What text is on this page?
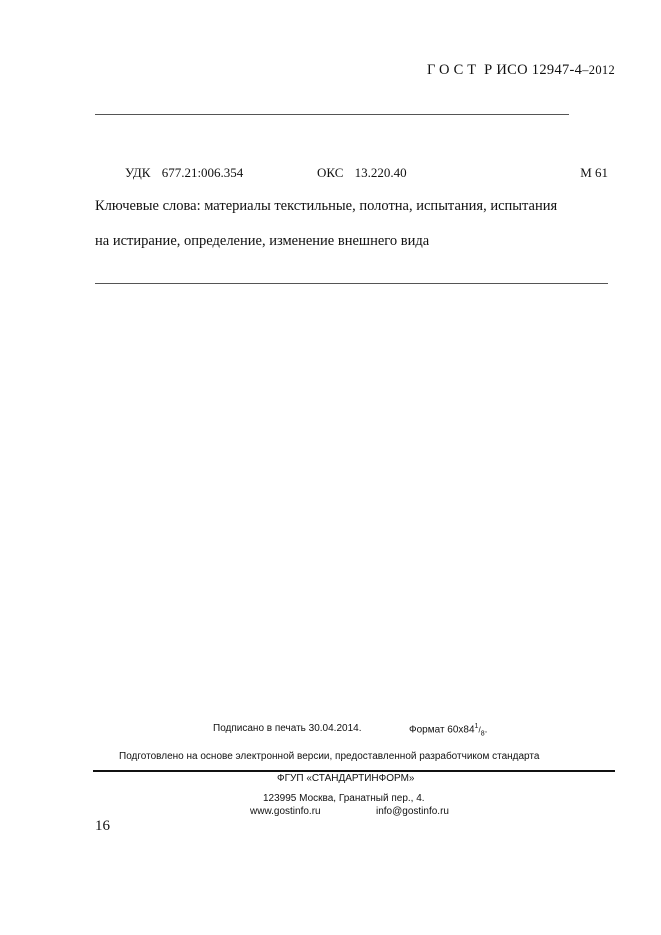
ГОСТ Р ИСО 12947-4–2012
УДК 677.21:006.354	ОКС 13.220.40	М 61
Ключевые слова: материалы текстильные, полотна, испытания, испытания
на истирание, определение, изменение внешнего вида
Подписано в печать 30.04.2014.	Формат $60x84^1/_8$.
Подготовлено на основе электронной версии, предоставленной разработчиком стандарта
ФГУП «СТАНДАРТИНФОРМ»
123995 Москва, Гранатный пер., 4.
www.gostinfo.ru	info@gostinfo.ru
16
